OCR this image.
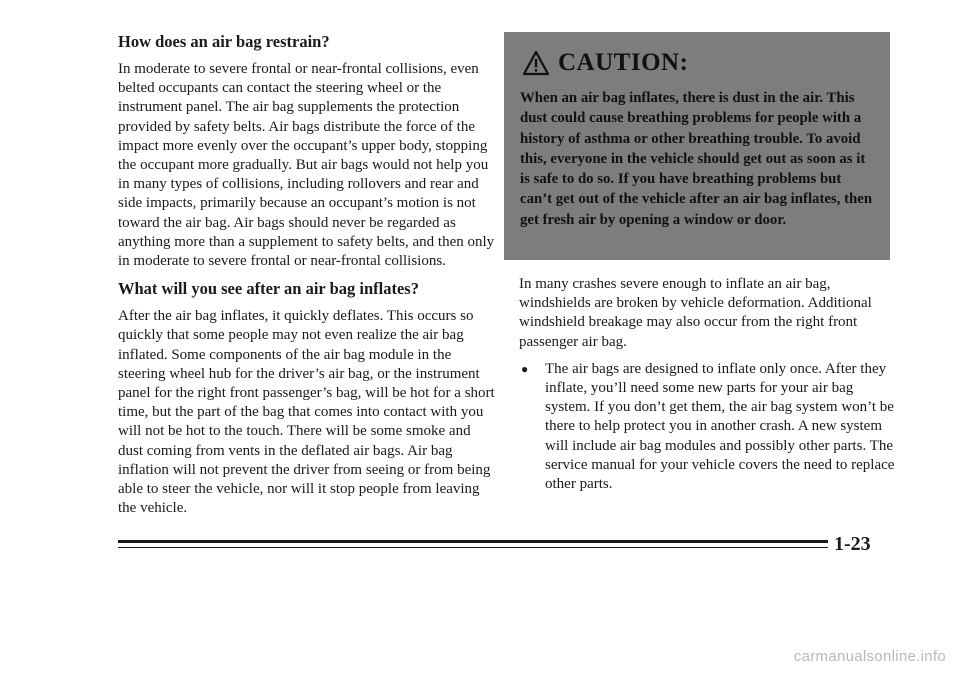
How does an air bag restrain?

In moderate to severe frontal or near-frontal collisions, even belted occupants can contact the steering wheel or the instrument panel. The air bag supplements the protection provided by safety belts. Air bags distribute the force of the impact more evenly over the occupant’s upper body, stopping the occupant more gradually. But air bags would not help you in many types of collisions, including rollovers and rear and side impacts, primarily because an occupant’s motion is not toward the air bag. Air bags should never be regarded as anything more than a supplement to safety belts, and then only in moderate to severe frontal or near-frontal collisions.

What will you see after an air bag inflates?

After the air bag inflates, it quickly deflates. This occurs so quickly that some people may not even realize the air bag inflated. Some components of the air bag module in the steering wheel hub for the driver’s air bag, or the instrument panel for the right front passenger’s bag, will be hot for a short time, but the part of the bag that comes into contact with you will not be hot to the touch. There will be some smoke and dust coming from vents in the deflated air bags. Air bag inflation will not prevent the driver from seeing or from being able to steer the vehicle, nor will it stop people from leaving the vehicle.

CAUTION:
When an air bag inflates, there is dust in the air. This dust could cause breathing problems for people with a history of asthma or other breathing trouble. To avoid this, everyone in the vehicle should get out as soon as it is safe to do so. If you have breathing problems but can’t get out of the vehicle after an air bag inflates, then get fresh air by opening a window or door.

In many crashes severe enough to inflate an air bag, windshields are broken by vehicle deformation. Additional windshield breakage may also occur from the right front passenger air bag.

●	The air bags are designed to inflate only once. After they inflate, you’ll need some new parts for your air bag system. If you don’t get them, the air bag system won’t be there to help protect you in another crash. A new system will include air bag modules and possibly other parts. The service manual for your vehicle covers the need to replace other parts.
1-23
carmanualsonline.info
